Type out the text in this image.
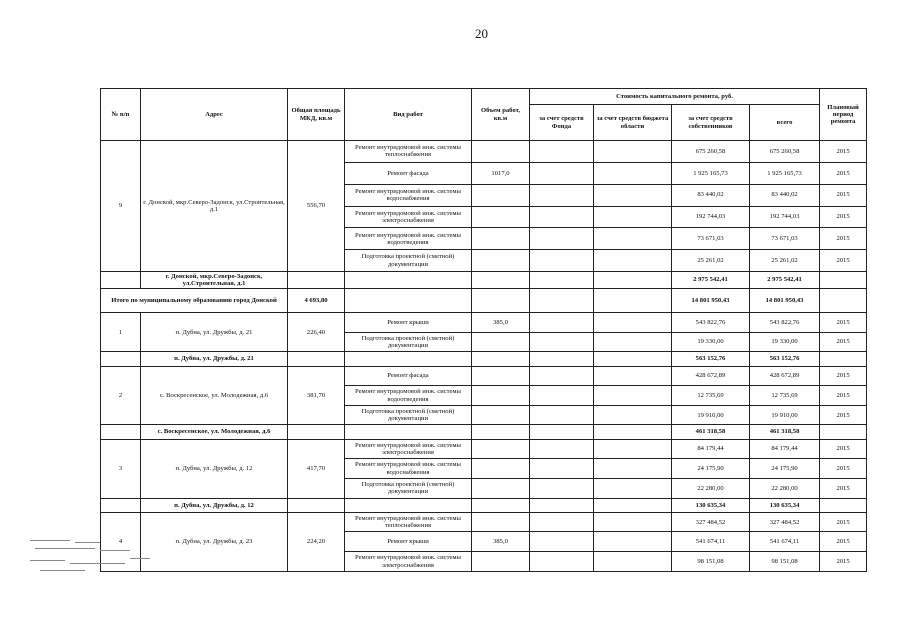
20
№ п/п	Адрес	Общая площадь МКД, кв.м	Вид работ	Объем работ, кв.м	Стоимость капитального ремонта, руб.				Плановый период ремонта
					за счет средств Фонда	за счет средств бюджета области	за счет средств собственников	всего	
9	г. Донской, мкр.Северо-Задонск, ул.Строительная, д.1	556,70	Ремонт внутридомовой инж. системы теплоснабжения				675 260,58	675 260,58	2015
			Ремонт фасада	1017,0			1 925 165,73	1 925 165,73	2015
			Ремонт внутридомовой инж. системы водоснабжения				83 440,02	83 440,02	2015
			Ремонт внутридомовой инж. системы электроснабжения				192 744,03	192 744,03	2015
			Ремонт внутридомовой инж. системы водоотведения				73 671,03	73 671,03	2015
			Подготовка проектной (сметной) документации				25 261,02	25 261,02	2015
	г. Донской, мкр.Северо-Задонск, ул.Строительная, д.1						2 975 542,41	2 975 542,41	
Итого по муниципальному образованию город Донской		4 693,80					14 801 950,43	14 801 950,43	
1	п. Дубна, ул. Дружбы, д. 21	226,40	Ремонт крыши	385,0			543 822,76	543 822,76	2015
			Подготовка проектной (сметной) документации				19 330,00	19 330,00	2015
	п. Дубна, ул. Дружбы, д. 21						563 152,76	563 152,76	
2	с. Воскресенское, ул. Молодежная, д.6	381,70	Ремонт фасада				428 672,89	428 672,89	2015
			Ремонт внутридомовой инж. системы водоотведения				12 735,69	12 735,69	2015
			Подготовка проектной (сметной) документации				19 910,00	19 910,00	2015
	с. Воскресенское, ул. Молодежная, д.6						461 318,58	461 318,58	
3	п. Дубна, ул. Дружбы, д. 12	417,70	Ремонт внутридомовой инж. системы электроснабжения				84 179,44	84 179,44	2015
			Ремонт внутридомовой инж. системы водоснабжения				24 175,90	24 175,90	2015
			Подготовка проектной (сметной) документации				22 280,00	22 280,00	2015
	п. Дубна, ул. Дружбы, д. 12						130 635,34	130 635,34	
4	п. Дубна, ул. Дружбы, д. 23	224,20	Ремонт внутридомовой инж. системы теплоснабжения				327 484,52	327 484,52	2015
			Ремонт крыши	385,0			541 674,11	541 674,11	2015
			Ремонт внутридомовой инж. системы электроснабжения				98 151,08	98 151,08	2015
